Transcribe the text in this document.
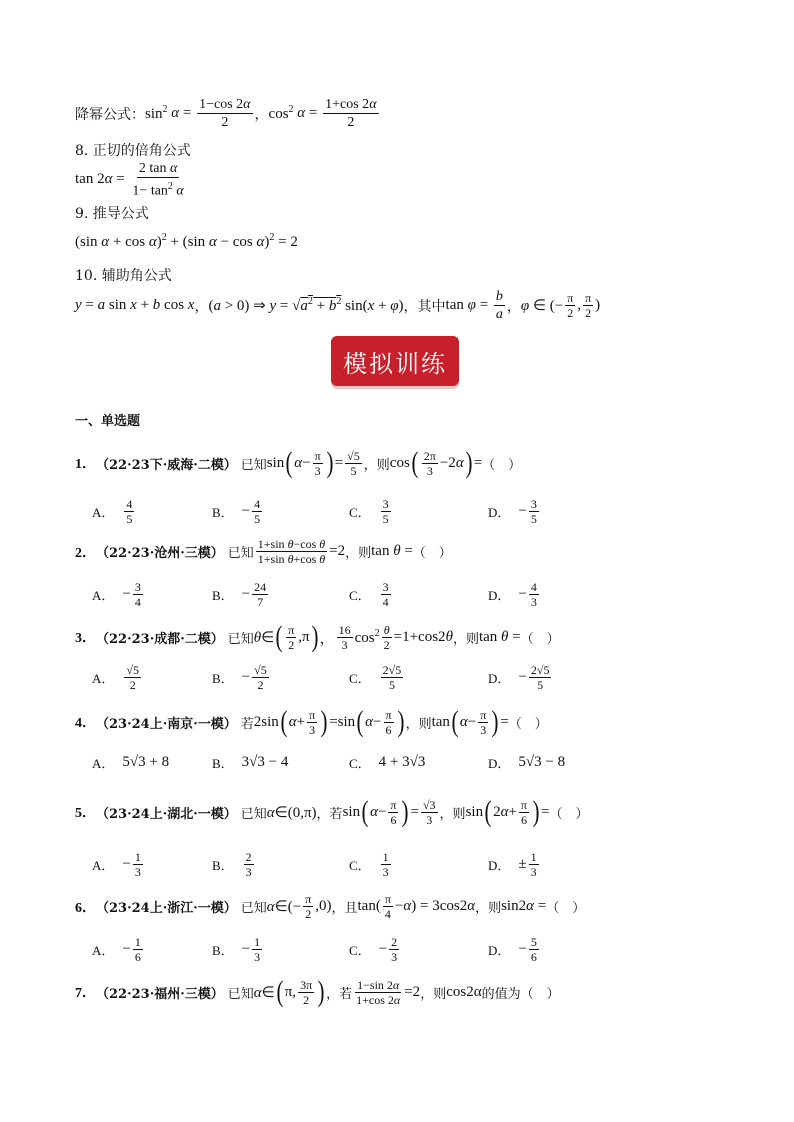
降幂公式： $\sin^2 \alpha = \frac{1-\cos 2\alpha}{2}$ ， $\cos^2 \alpha = \frac{1+\cos 2\alpha}{2}$
8. 正切的倍角公式
tan 2 $\alpha = \frac{\text{2 tan α}}{1- \tan^2 \alpha}$
9. 推导公式
(sin α + cos α)$^2$ + (sin α − cos α)$^2$ = 2
10. 辅助角公式
y = a sin x + b cos x ， (a > 0) ⇒ $y = √a^2 + b^2$ sin(x + φ) ， 其中 $\tan \varphi = \frac{b}{a}$ ， φ ∈ (− $\frac{\pi}{2}$ , $\frac{\pi}{2}$ )
模拟训练
一、单选题
1． （22·23下·威海·二模） 已知 sin ( $\alpha - \frac{\pi}{3}$ ) = $\frac{√5}{5}$ ，则 cos ( $\frac{2\pi}{3} -2$ α ) = （　）
A． $\frac{4}{5}$	B． − $\frac{4}{5}$	C． $\frac{3}{5}$	D． − $\frac{3}{5}$
2． （22·23·沧州·三模） 已知 $\frac{\text{1+sin θ−cos θ}}{\text{1+sin θ+cos θ}} =2$ ，则 tan θ = （　）
A． − $\frac{3}{4}$	B． − $\frac{24}{7}$	C． $\frac{3}{4}$	D． − $\frac{4}{3}$
3． （22·23·成都·二模） 已知 θ∈ ( $\frac{\pi}{2} ,\pi$ ) ， $\frac{16}{3} \cos^2 \frac{\theta}{2} =1+\cos 2\theta$ ，则 tan θ = （　）
A． $\frac{√5}{2}$	B． − $\frac{√5}{2}$	C． $\frac{2√5}{5}$	D． − $\frac{2√5}{5}$
4． （23·24上·南京·一模） 若 2sin ( $\alpha + \frac{\pi}{3}$ ) =sin ( $\alpha - \frac{\pi}{6}$ ) ，则 tan ( $\alpha - \frac{\pi}{3}$ ) = （　）
A． 5√3 + 8	B． 3√3 − 4	C． 4 + 3√3	D． 5√3 − 8
5． （23·24上·湖北·一模） 已知 α∈(0,π) ，若 sin ( $\alpha - \frac{\pi}{6}$ ) = $\frac{√3}{3}$ ，则 sin ( 2 $\alpha + \frac{\pi}{6}$ ) = （　）
A． − $\frac{1}{3}$	B． $\frac{2}{3}$	C． $\frac{1}{3}$	D． ± $\frac{1}{3}$
6． （23·24上·浙江·一模） 已知 α∈(− $\frac{\pi}{2} ,0$) ，且 $\tan( \frac{\pi}{4} -\alpha) = 3\cos 2\alpha$ ，则 sin2α = （　）
A． − $\frac{1}{6}$	B． − $\frac{1}{3}$	C． − $\frac{2}{3}$	D． − $\frac{5}{6}$
7． （22·23·福州·三模） 已知 α∈ ( π, $\frac{3\pi}{2}$ ) ，若 $\frac{1-\sin 2\alpha}{1+\cos 2\alpha} =2$ ，则 cos2α 的值为（　）
